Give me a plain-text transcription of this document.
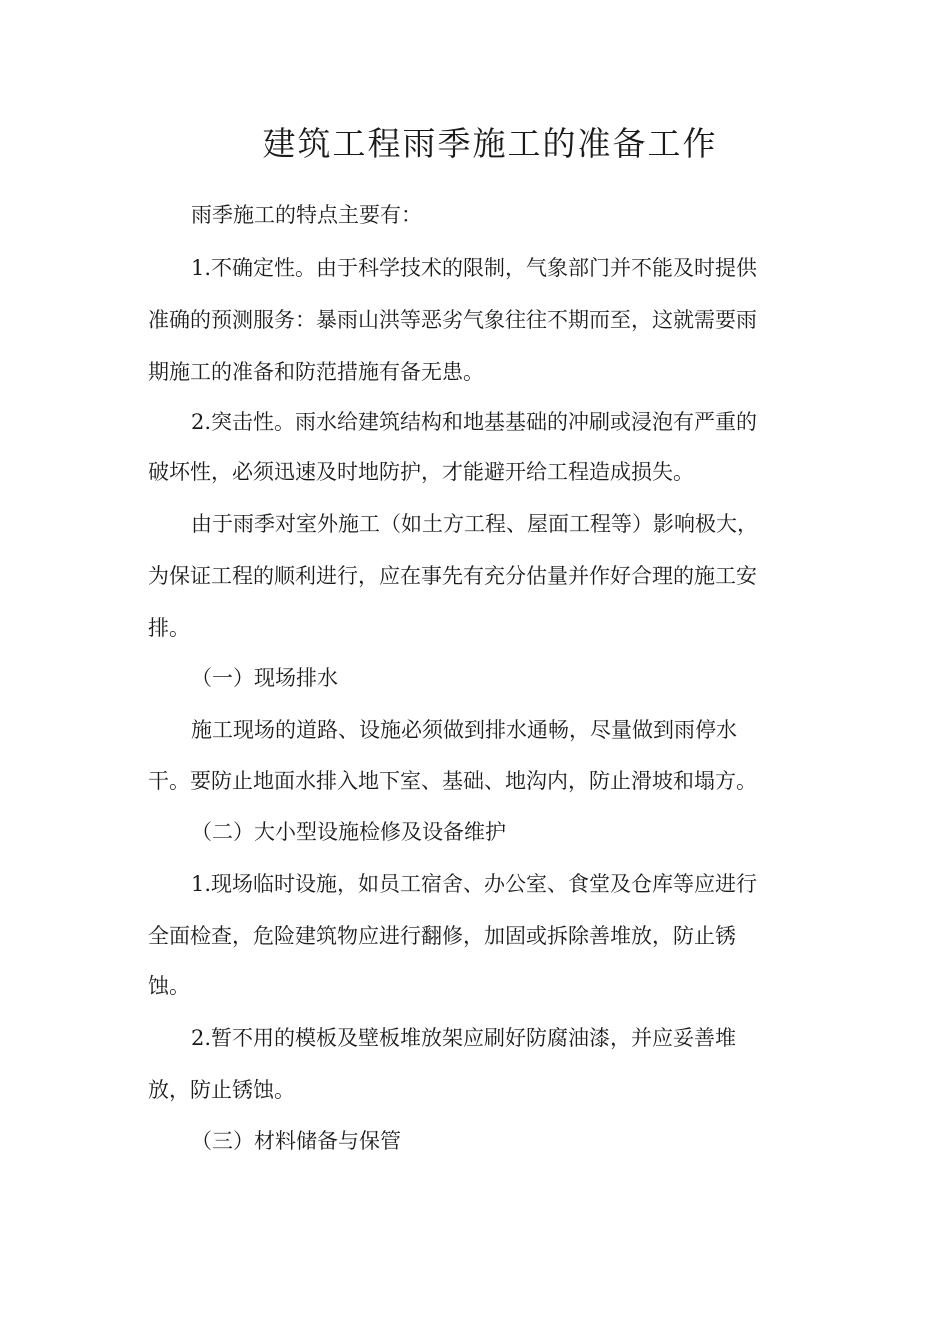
建筑工程雨季施工的准备工作

雨季施工的特点主要有：

1.不确定性。由于科学技术的限制，气象部门并不能及时提供

准确的预测服务：暴雨山洪等恶劣气象往往不期而至，这就需要雨

期施工的准备和防范措施有备无患。

2.突击性。雨水给建筑结构和地基基础的冲刷或浸泡有严重的

破坏性，必须迅速及时地防护，才能避开给工程造成损失。

由于雨季对室外施工（如土方工程、屋面工程等）影响极大，

为保证工程的顺利进行，应在事先有充分估量并作好合理的施工安

排。

（一）现场排水

施工现场的道路、设施必须做到排水通畅，尽量做到雨停水

干。要防止地面水排入地下室、基础、地沟内，防止滑坡和塌方。

（二）大小型设施检修及设备维护

1.现场临时设施，如员工宿舍、办公室、食堂及仓库等应进行

全面检查，危险建筑物应进行翻修，加固或拆除善堆放，防止锈

蚀。

2.暂不用的模板及壁板堆放架应刷好防腐油漆，并应妥善堆

放，防止锈蚀。

（三）材料储备与保管
